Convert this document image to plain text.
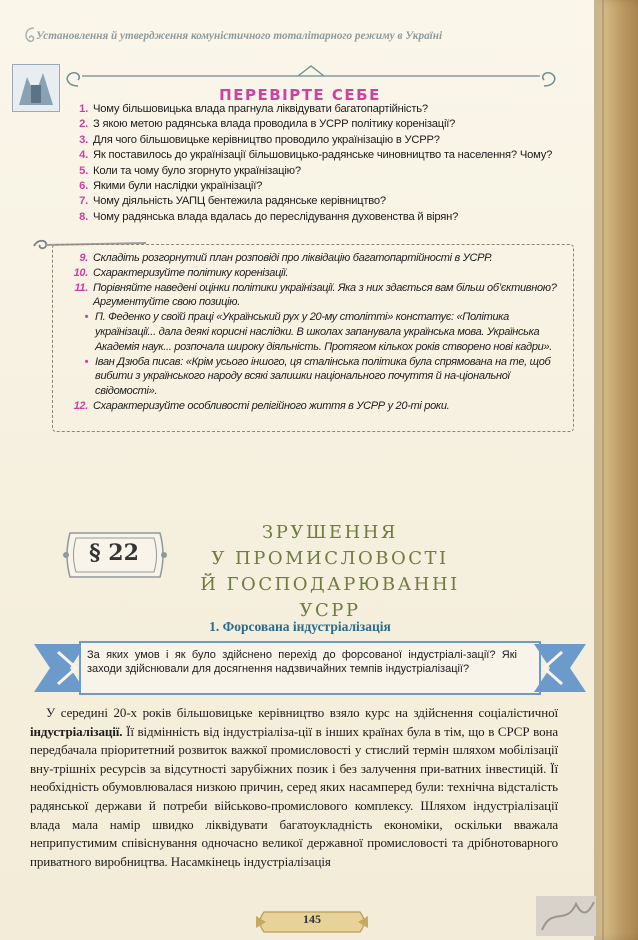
Установлення й утвердження комуністичного тоталітарного режиму в Україні
ПЕРЕВІРТЕ СЕБЕ
1. Чому більшовицька влада прагнула ліквідувати багатопартійність?
2. З якою метою радянська влада проводила в УСРР політику коренізації?
3. Для чого більшовицьке керівництво проводило українізацію в УСРР?
4. Як поставилось до українізації більшовицько-радянське чиновництво та населення? Чому?
5. Коли та чому було згорнуто українізацію?
6. Якими були наслідки українізації?
7. Чому діяльність УАПЦ бентежила радянське керівництво?
8. Чому радянська влада вдалась до переслідування духовенства й вірян?
9. Складіть розгорнутий план розповіді про ліквідацію багатопартійності в УСРР.
10. Схарактеризуйте політику коренізації.
11. Порівняйте наведені оцінки політики українізації. Яка з них здається вам більш об’єктивною? Аргументуйте свою позицію.
• П. Феденко у своїй праці «Український рух у 20-му столітті» констатує: «Політика українізації... дала деякі корисні наслідки. В школах запанувала українська мова. Українська Академія наук... розпочала широку діяльність. Протягом кількох років створено нові кадри».
• Іван Дзюба писав: «Крім усього іншого, ця сталінська політика була спрямована на те, щоб вибити з українського народу всякі залишки національного почуття й на-ціональної свідомості».
12. Схарактеризуйте особливості релігійного життя в УСРР у 20-ті роки.
§ 22
ЗРУШЕННЯ
У ПРОМИСЛОВОСТІ
Й ГОСПОДАРЮВАННІ УСРР
1. Форсована індустріалізація
За яких умов і як було здійснено перехід до форсованої індустріалі-зації? Які заходи здійснювали для досягнення надзвичайних темпів індустріалізації?
У середині 20-х років більшовицьке керівництво взяло курс на здійснення соціалістичної індустріалізації. Її відмінність від індустріаліза-ції в інших країнах була в тім, що в СРСР вона передбачала пріоритетний розвиток важкої промисловості у стислий термін шляхом мобілізації вну-трішніх ресурсів за відсутності зарубіжних позик і без залучення при-ватних інвестицій. Її необхідність обумовлювалася низкою причин, серед яких насамперед були: технічна відсталість радянської держави й потреби військово-промислового комплексу. Шляхом індустріалізації влада мала намір швидко ліквідувати багатоукладність економіки, оскільки вважала неприпустимим співіснування одночасно великої державної промисловості та дрібнотоварного приватного виробництва. Насамкінець індустріалізація
145
